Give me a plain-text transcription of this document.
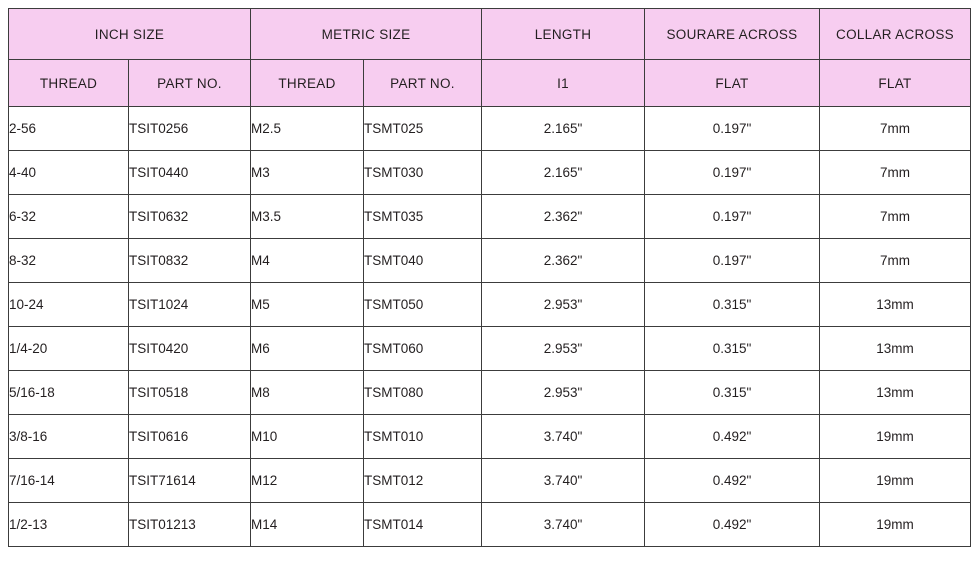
INCH SIZE		METRIC SIZE		LENGTH	SOURARE ACROSS	COLLAR ACROSS
THREAD	PART NO.	THREAD	PART NO.	I1	FLAT	FLAT
2-56	TSIT0256	M2.5	TSMT025	2.165"	0.197"	7mm
4-40	TSIT0440	M3	TSMT030	2.165"	0.197"	7mm
6-32	TSIT0632	M3.5	TSMT035	2.362"	0.197"	7mm
8-32	TSIT0832	M4	TSMT040	2.362"	0.197"	7mm
10-24	TSIT1024	M5	TSMT050	2.953"	0.315"	13mm
1/4-20	TSIT0420	M6	TSMT060	2.953"	0.315"	13mm
5/16-18	TSIT0518	M8	TSMT080	2.953"	0.315"	13mm
3/8-16	TSIT0616	M10	TSMT010	3.740"	0.492"	19mm
7/16-14	TSIT71614	M12	TSMT012	3.740"	0.492"	19mm
1/2-13	TSIT01213	M14	TSMT014	3.740"	0.492"	19mm
